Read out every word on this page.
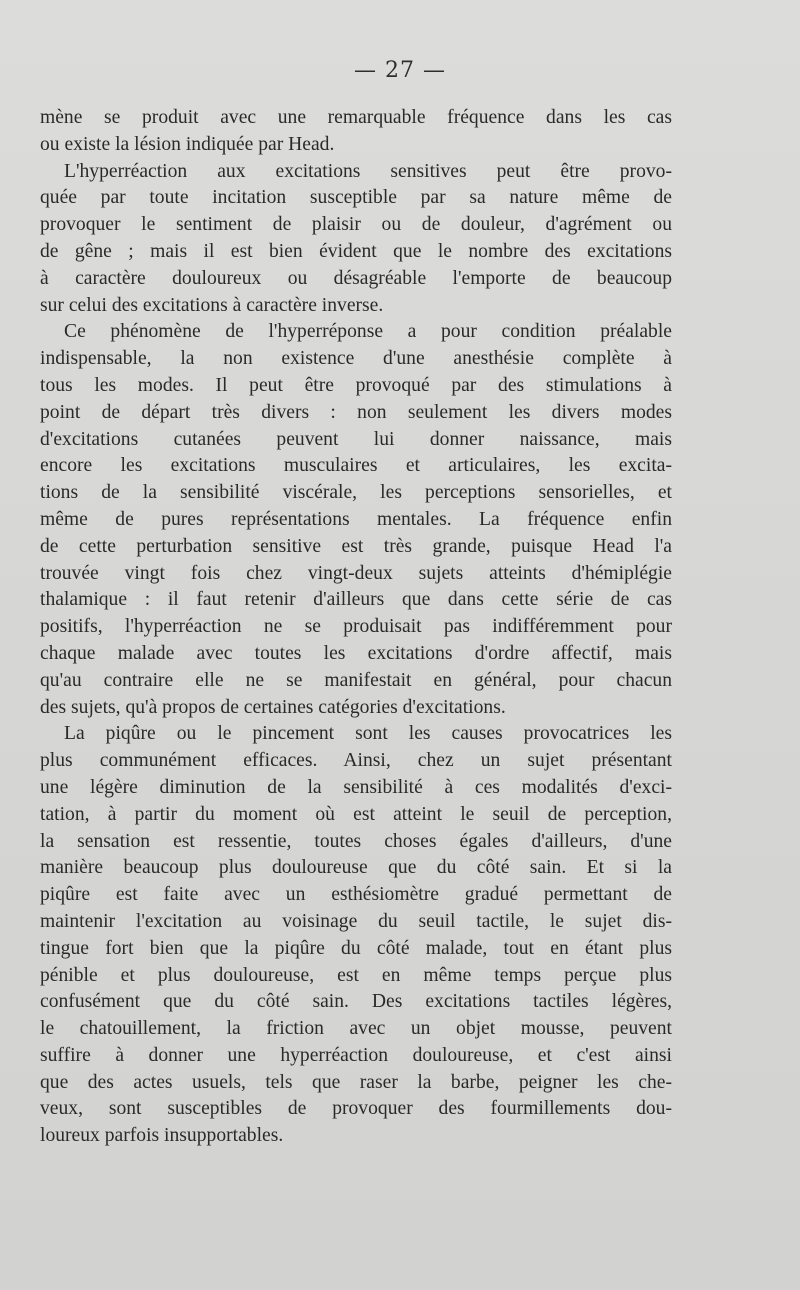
— 27 —
mène se produit avec une remarquable fréquence dans les cas
ou existe la lésion indiquée par Head.
L'hyperréaction aux excitations sensitives peut être provo-
quée par toute incitation susceptible par sa nature même de
provoquer le sentiment de plaisir ou de douleur, d'agrément ou
de gêne ; mais il est bien évident que le nombre des excitations
à caractère douloureux ou désagréable l'emporte de beaucoup
sur celui des excitations à caractère inverse.
Ce phénomène de l'hyperréponse a pour condition préalable
indispensable, la non existence d'une anesthésie complète à
tous les modes. Il peut être provoqué par des stimulations à
point de départ très divers : non seulement les divers modes
d'excitations cutanées peuvent lui donner naissance, mais
encore les excitations musculaires et articulaires, les excita-
tions de la sensibilité viscérale, les perceptions sensorielles, et
même de pures représentations mentales. La fréquence enfin
de cette perturbation sensitive est très grande, puisque Head l'a
trouvée vingt fois chez vingt-deux sujets atteints d'hémiplégie
thalamique : il faut retenir d'ailleurs que dans cette série de cas
positifs, l'hyperréaction ne se produisait pas indifféremment pour
chaque malade avec toutes les excitations d'ordre affectif, mais
qu'au contraire elle ne se manifestait en général, pour chacun
des sujets, qu'à propos de certaines catégories d'excitations.
La piqûre ou le pincement sont les causes provocatrices les
plus communément efficaces. Ainsi, chez un sujet présentant
une légère diminution de la sensibilité à ces modalités d'exci-
tation, à partir du moment où est atteint le seuil de perception,
la sensation est ressentie, toutes choses égales d'ailleurs, d'une
manière beaucoup plus douloureuse que du côté sain. Et si la
piqûre est faite avec un esthésiomètre gradué permettant de
maintenir l'excitation au voisinage du seuil tactile, le sujet dis-
tingue fort bien que la piqûre du côté malade, tout en étant plus
pénible et plus douloureuse, est en même temps perçue plus
confusément que du côté sain. Des excitations tactiles légères,
le chatouillement, la friction avec un objet mousse, peuvent
suffire à donner une hyperréaction douloureuse, et c'est ainsi
que des actes usuels, tels que raser la barbe, peigner les che-
veux, sont susceptibles de provoquer des fourmillements dou-
loureux parfois insupportables.
